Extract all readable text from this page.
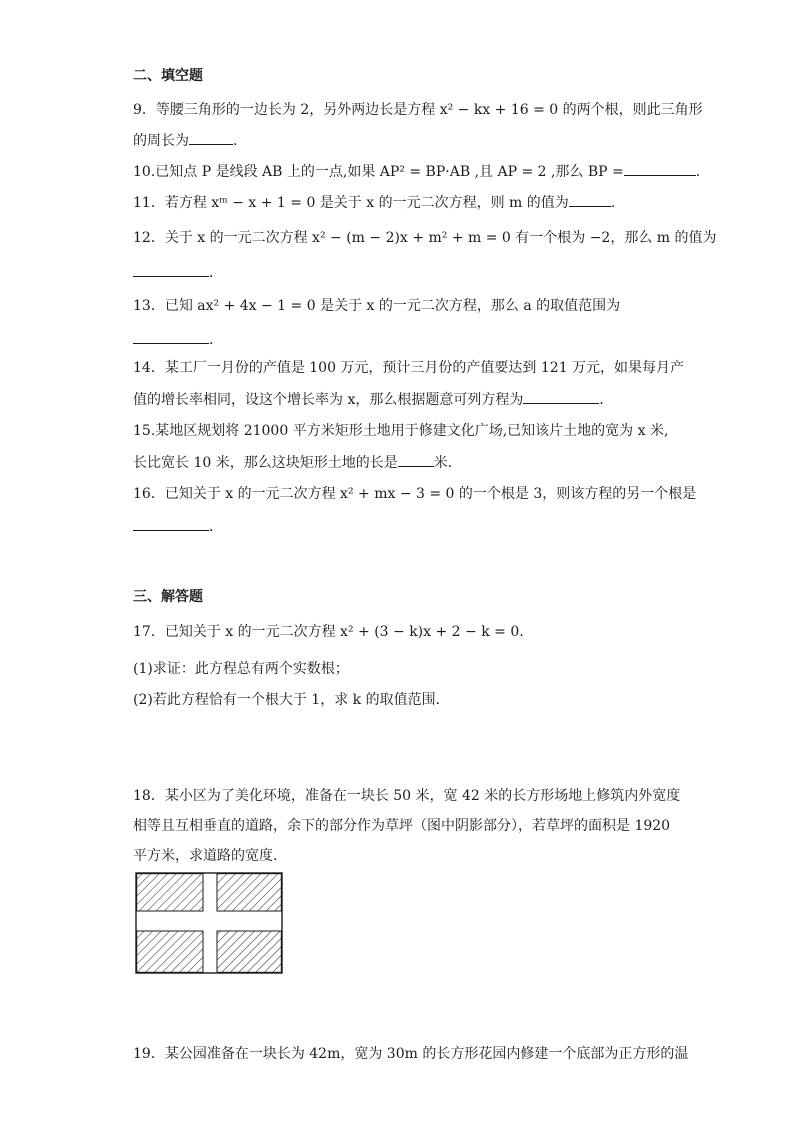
二、填空题
9．等腰三角形的一边长为 2，另外两边长是方程 x² − kx + 16 = 0 的两个根，则此三角形
的周长为	．
10.已知点 P 是线段 AB 上的一点,如果 AP² = BP·AB ,且 AP = 2 ,那么 BP =	.
11．若方程 xᵐ − x + 1 = 0 是关于 x 的一元二次方程，则 m 的值为	.
12．关于 x 的一元二次方程 x² − (m − 2)x + m² + m = 0 有一个根为 −2，那么 m 的值为
．
13．已知 ax² + 4x − 1 = 0 是关于 x 的一元二次方程，那么 a 的取值范围为
．
14．某工厂一月份的产值是 100 万元，预计三月份的产值要达到 121 万元，如果每月产
值的增长率相同，设这个增长率为 x，那么根据题意可列方程为	．
15.某地区规划将 21000 平方米矩形土地用于修建文化广场,已知该片土地的宽为 x 米,
长比宽长 10 米，那么这块矩形土地的长是	米．
16．已知关于 x 的一元二次方程 x² + mx − 3 = 0 的一个根是 3，则该方程的另一个根是
．
三、解答题
17．已知关于 x 的一元二次方程 x² + (3 − k)x + 2 − k = 0.
(1)求证：此方程总有两个实数根；
(2)若此方程恰有一个根大于 1，求 k 的取值范围．
18．某小区为了美化环境，准备在一块长 50 米，宽 42 米的长方形场地上修筑内外宽度
相等且互相垂直的道路，余下的部分作为草坪（图中阴影部分），若草坪的面积是 1920
平方米，求道路的宽度．
19．某公园准备在一块长为 42m，宽为 30m 的长方形花园内修建一个底部为正方形的温
